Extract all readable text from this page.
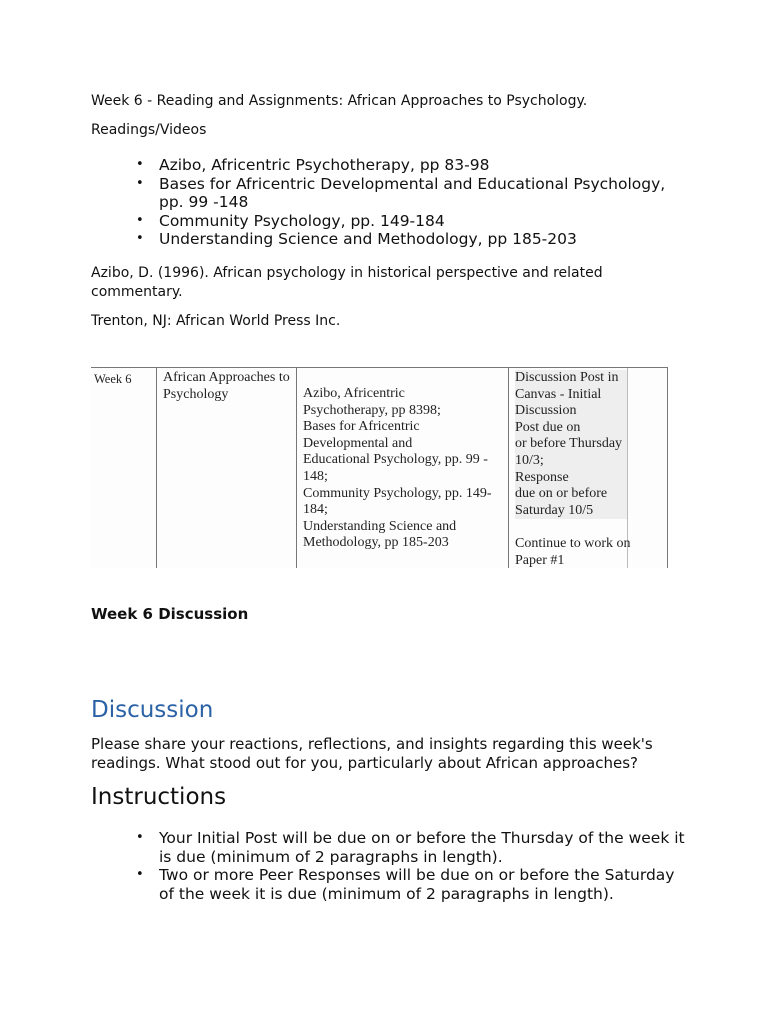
Week 6 - Reading and Assignments: African Approaches to Psychology.

Readings/Videos

• Azibo, Africentric Psychotherapy, pp 83-98
• Bases for Africentric Developmental and Educational Psychology, pp. 99 -148
• Community Psychology, pp. 149-184
• Understanding Science and Methodology, pp 185-203

Azibo, D. (1996). African psychology in historical perspective and related commentary.

Trenton, NJ: African World Press Inc.

Week 6	African Approaches to
Psychology	Azibo, Africentric
Psychotherapy, pp 8398;
Bases for Africentric
Developmental and
Educational Psychology, pp. 99 -
148;
Community Psychology, pp. 149-
184;
Understanding Science and
Methodology, pp 185-203
Discussion Post in
Canvas - Initial
Discussion
Post due on
or before Thursday
10/3;
Response
due on or before
Saturday 10/5

Continue to work on
Paper #1

Week 6 Discussion

Discussion

Please share your reactions, reflections, and insights regarding this week's readings. What stood out for you, particularly about African approaches?

Instructions
• Your Initial Post will be due on or before the Thursday of the week it is due (minimum of 2 paragraphs in length).
• Two or more Peer Responses will be due on or before the Saturday of the week it is due (minimum of 2 paragraphs in length).
